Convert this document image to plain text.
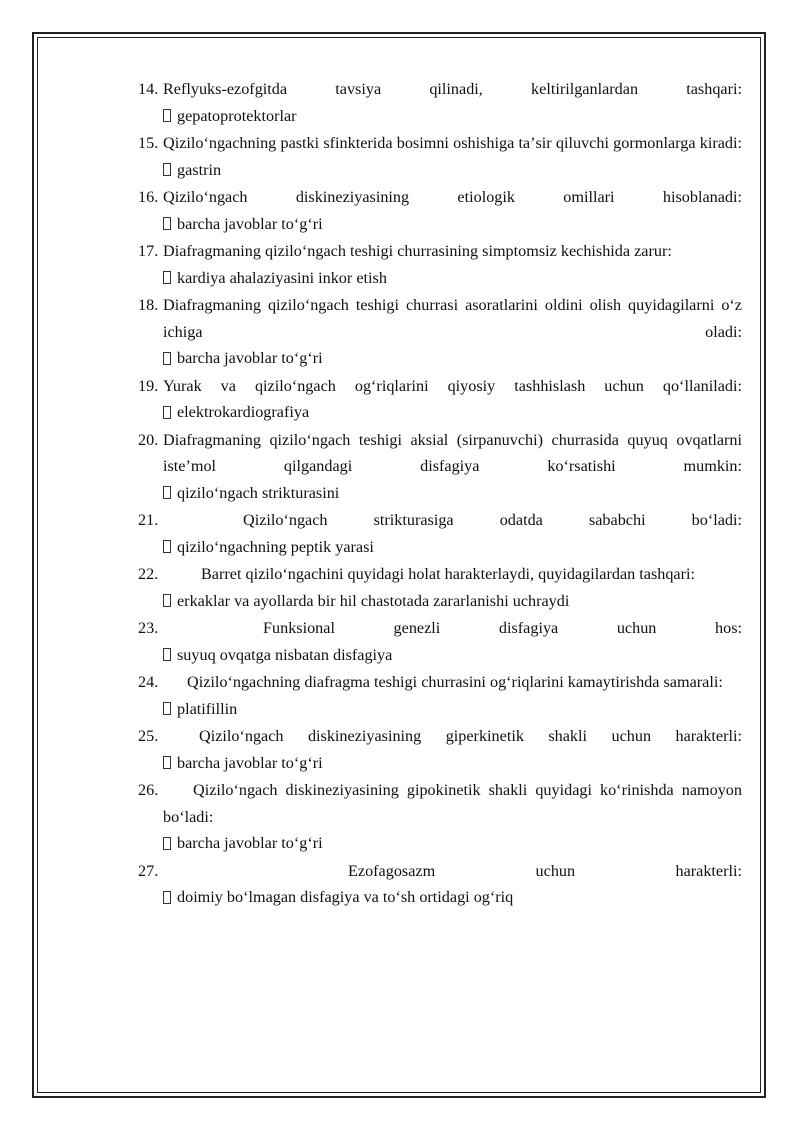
14. Reflyuks-ezofgitda tavsiya qilinadi, keltirilganlardan tashqari:
gepatoprotektorlar
15. Qiziloʻngachning pastki sfinkterida bosimni oshishiga taʼsir qiluvchi gormonlarga kiradi:
gastrin
16. Qiziloʻngach diskineziyasining etiologik omillari hisoblanadi:
barcha javoblar toʻgʻri
17. Diafragmaning qiziloʻngach teshigi churrasining simptomsiz kechishida zarur:
kardiya ahalaziyasini inkor etish
18. Diafragmaning qiziloʻngach teshigi churrasi asoratlarini oldini olish quyidagilarni oʻz ichiga oladi:
barcha javoblar toʻgʻri
19. Yurak va qiziloʻngach ogʻriqlarini qiyosiy tashhislash uchun qoʻllaniladi:
elektrokardiografiya
20. Diafragmaning qiziloʻngach teshigi aksial (sirpanuvchi) churrasida quyuq ovqatlarni isteʼmol qilgandagi disfagiya koʻrsatishi mumkin:
qiziloʻngach strikturasini
21.	Qiziloʻngach strikturasiga odatda sababchi boʻladi:
qiziloʻngachning peptik yarasi
22.	Barret qiziloʻngachini quyidagi holat harakterlaydi, quyidagilardan tashqari:
erkaklar va ayollarda bir hil chastotada zararlanishi uchraydi
23.	Funksional genezli disfagiya uchun hos:
suyuq ovqatga nisbatan disfagiya
24.	Qiziloʻngachning diafragma teshigi churrasini ogʻriqlarini kamaytirishda samarali:
platifillin
25.	Qiziloʻngach diskineziyasining giperkinetik shakli uchun harakterli:
barcha javoblar toʻgʻri
26.	Qiziloʻngach diskineziyasining gipokinetik shakli quyidagi koʻrinishda namoyon boʻladi:
barcha javoblar toʻgʻri
27.	Ezofagosazm uchun harakterli:
doimiy boʻlmagan disfagiya va toʻsh ortidagi ogʻriq
